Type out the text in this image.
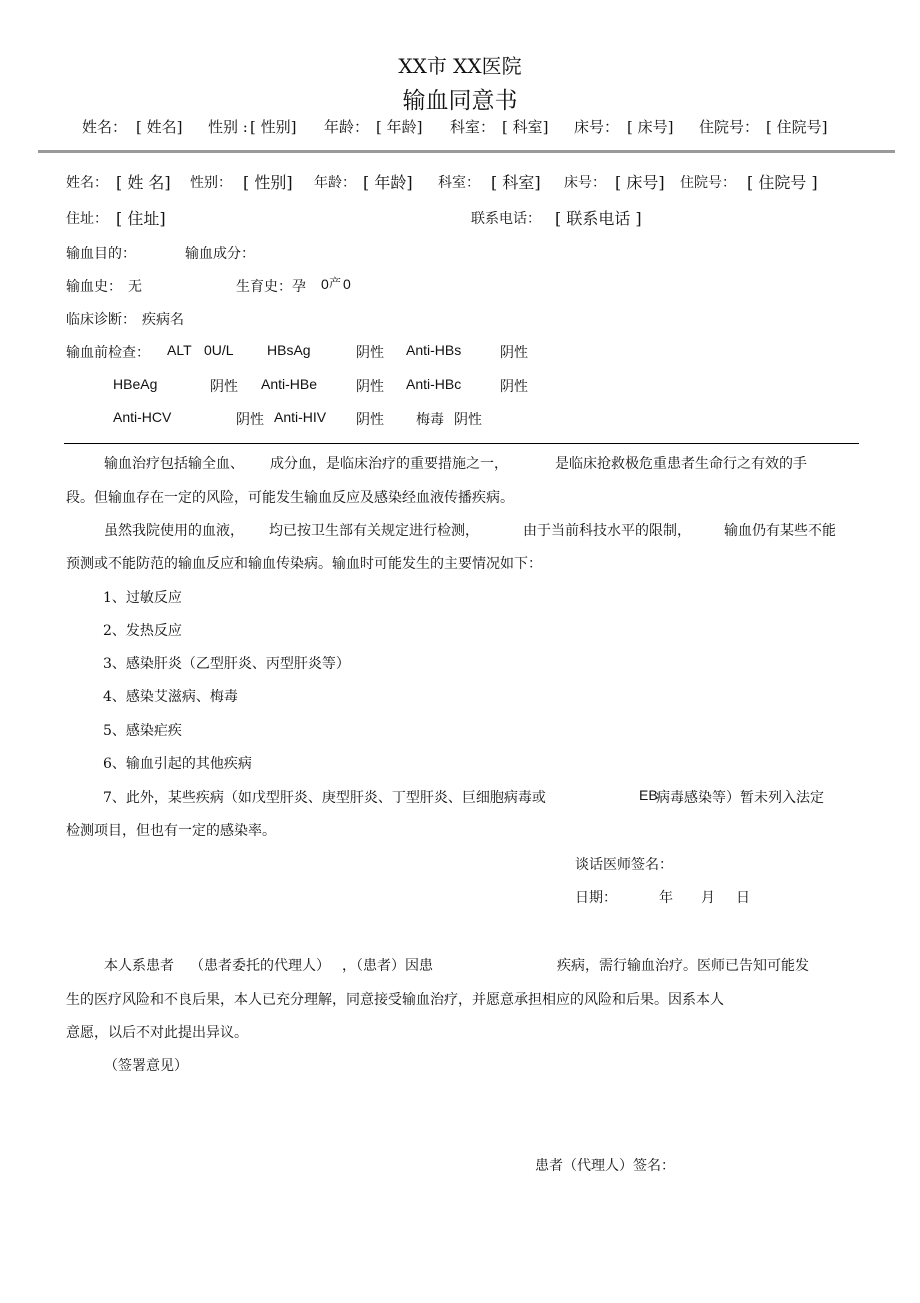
XX市 XX医院
输血同意书
姓名： [ 姓名] 性别 : [ 性别] 年龄： [ 年龄] 科室： [ 科室] 床号： [ 床号] 住院号： [ 住院号]
姓名： [ 姓 名] 性别： [ 性别] 年龄： [ 年龄] 科室： [ 科室] 床号： [ 床号] 住院号： [ 住院号 ]
住址： [ 住址]	联系电话： [ 联系电话 ]
输血目的：	输血成分：
输血史： 无	生育史：孕 0 产 0
临床诊断： 疾病名
输血前检查： ALT 0U/L HBsAg	阴性 Anti-HBs	阴性
HBeAg	阴性 Anti-HBe	阴性 Anti-HBc	阴性
Anti-HCV	阴性 Anti-HIV 阴性 梅毒 阴性
输血治疗包括输全血、 成分血，是临床治疗的重要措施之一，	是临床抢救极危重患者生命行之有效的手
段。但输血存在一定的风险，可能发生输血反应及感染经血液传播疾病。
虽然我院使用的血液， 均已按卫生部有关规定进行检测，	由于当前科技水平的限制， 输血仍有某些不能
预测或不能防范的输血反应和输血传染病。输血时可能发生的主要情况如下：
1、过敏反应
2、发热反应
3、感染肝炎（乙型肝炎、丙型肝炎等）
4、感染艾滋病、梅毒
5、感染疟疾
6、输血引起的其他疾病
7、此外，某些疾病（如戊型肝炎、庚型肝炎、丁型肝炎、巨细胞病毒或	EB
病毒感染等）暂未列入法定
检测项目，但也有一定的感染率。
谈话医师签名：
日期：	年 月 日
本人系患者 （患者委托的代理人） ，（患者）因患	疾病，需行输血治疗。医师已告知可能发
生的医疗风险和不良后果，本人已充分理解，同意接受输血治疗，并愿意承担相应的风险和后果。因系本人
意愿，以后不对此提出异议。
（签署意见）
患者（代理人）签名：
